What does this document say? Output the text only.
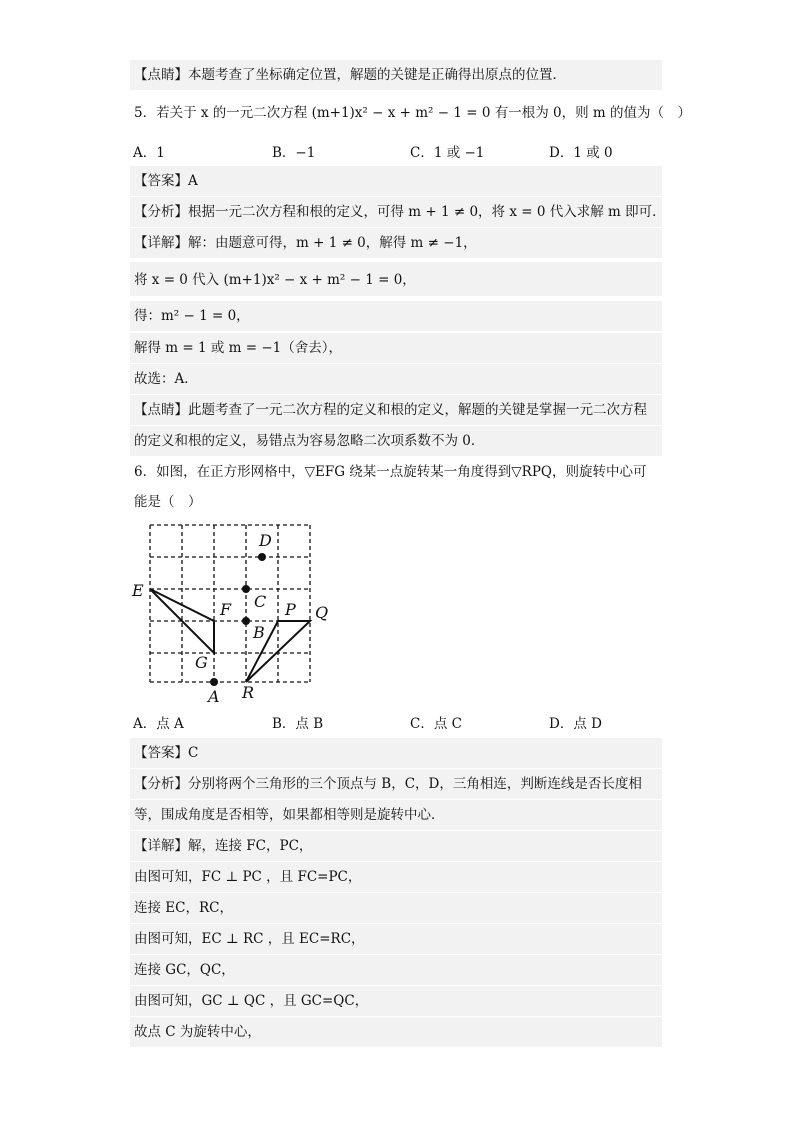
【点睛】本题考查了坐标确定位置，解题的关键是正确得出原点的位置．
5．若关于 x 的一元二次方程 (m+1)x² − x + m² − 1 = 0 有一根为 0，则 m 的值为（　）
A．1	B．−1	C．1 或 −1	D．1 或 0
【答案】A
【分析】根据一元二次方程和根的定义，可得 m + 1 ≠ 0，将 x = 0 代入求解 m 即可．
【详解】解：由题意可得，m + 1 ≠ 0，解得 m ≠ −1，
将 x = 0 代入 (m+1)x² − x + m² − 1 = 0，
得：m² − 1 = 0，
解得 m = 1 或 m = −1（舍去），
故选：A．
【点睛】此题考查了一元二次方程的定义和根的定义，解题的关键是掌握一元二次方程
的定义和根的定义，易错点为容易忽略二次项系数不为 0．
6．如图，在正方形网格中，▽EFG 绕某一点旋转某一角度得到▽RPQ，则旋转中心可
能是（　）
E
F
G
A
B
C
D
P Q
R
A．点 A	B．点 B	C．点 C	D．点 D
【答案】C
【分析】分别将两个三角形的三个顶点与 B，C，D，三角相连，判断连线是否长度相
等，围成角度是否相等，如果都相等则是旋转中心．
【详解】解，连接 FC，PC，
由图可知，FC ⊥ PC ，且 FC=PC，
连接 EC，RC，
由图可知，EC ⊥ RC ，且 EC=RC，
连接 GC，QC，
由图可知，GC ⊥ QC ，且 GC=QC，
故点 C 为旋转中心，
